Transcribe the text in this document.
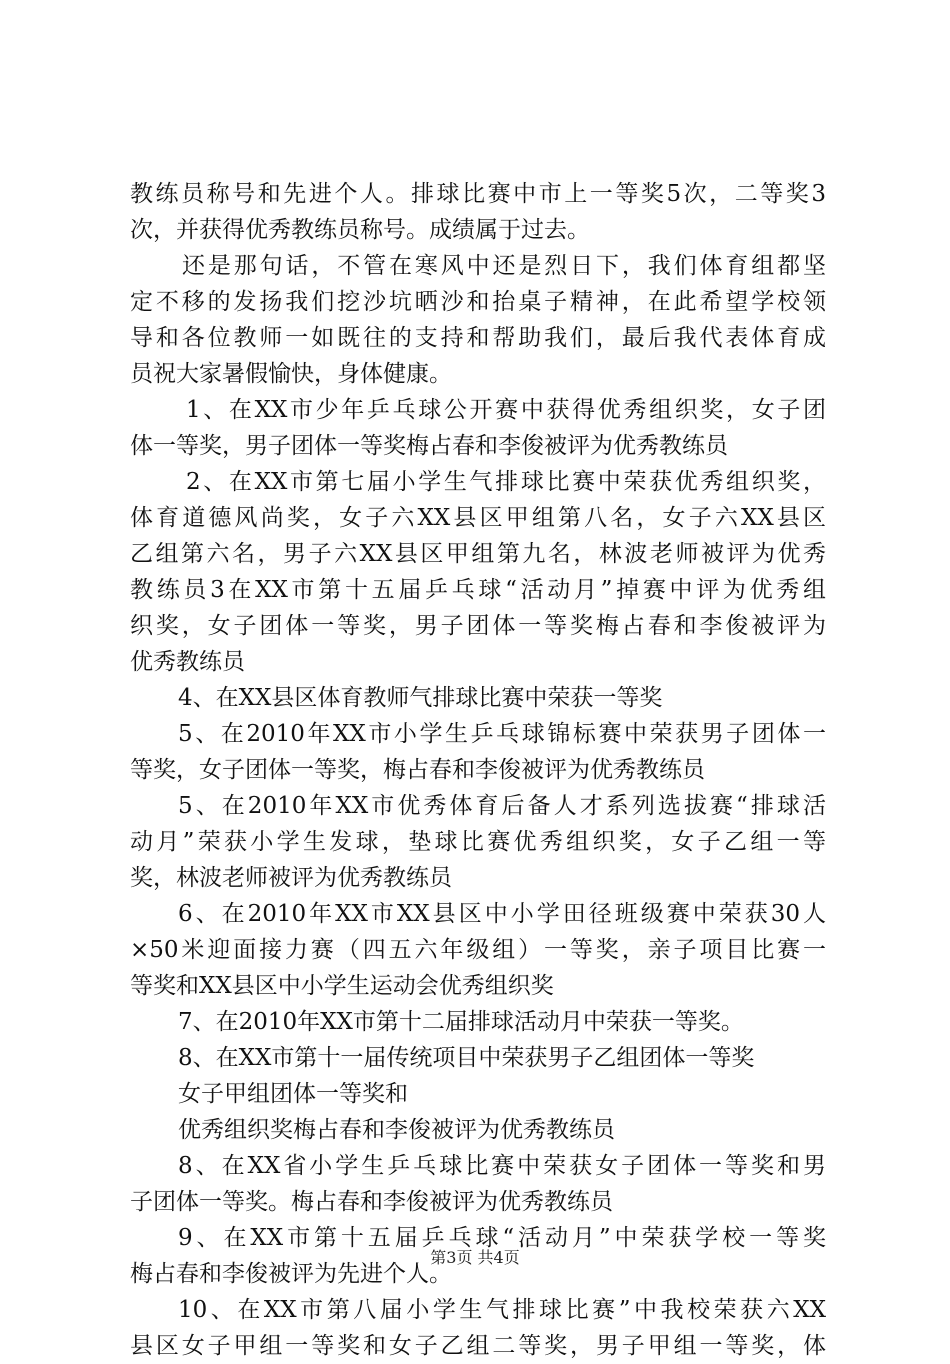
教练员称号和先进个人。排球比赛中市上一等奖5次，二等奖3
次，并获得优秀教练员称号。成绩属于过去。
还是那句话，不管在寒风中还是烈日下，我们体育组都坚
定不移的发扬我们挖沙坑晒沙和抬桌子精神，在此希望学校领
导和各位教师一如既往的支持和帮助我们，最后我代表体育成
员祝大家暑假愉快，身体健康。
1、在XX市少年乒乓球公开赛中获得优秀组织奖，女子团
体一等奖，男子团体一等奖梅占春和李俊被评为优秀教练员
2、在XX市第七届小学生气排球比赛中荣获优秀组织奖，
体育道德风尚奖，女子六XX县区甲组第八名，女子六XX县区
乙组第六名，男子六XX县区甲组第九名，林波老师被评为优秀
教练员3在XX市第十五届乒乓球“活动月”掉赛中评为优秀组
织奖，女子团体一等奖，男子团体一等奖梅占春和李俊被评为
优秀教练员
4、在XX县区体育教师气排球比赛中荣获一等奖
5、在2010年XX市小学生乒乓球锦标赛中荣获男子团体一
等奖，女子团体一等奖，梅占春和李俊被评为优秀教练员
5、在2010年XX市优秀体育后备人才系列选拔赛“排球活
动月”荣获小学生发球，垫球比赛优秀组织奖，女子乙组一等
奖，林波老师被评为优秀教练员
6、在2010年XX市XX县区中小学田径班级赛中荣获30人
×50米迎面接力赛（四五六年级组）一等奖，亲子项目比赛一
等奖和XX县区中小学生运动会优秀组织奖
7、在2010年XX市第十二届排球活动月中荣获一等奖。
8、在XX市第十一届传统项目中荣获男子乙组团体一等奖
女子甲组团体一等奖和
优秀组织奖梅占春和李俊被评为优秀教练员
8、在XX省小学生乒乓球比赛中荣获女子团体一等奖和男
子团体一等奖。梅占春和李俊被评为优秀教练员
9、在XX市第十五届乒乓球“活动月”中荣获学校一等奖
梅占春和李俊被评为先进个人。
10、在XX市第八届小学生气排球比赛”中我校荣获六XX
县区女子甲组一等奖和女子乙组二等奖，男子甲组一等奖，体
第3页 共4页
